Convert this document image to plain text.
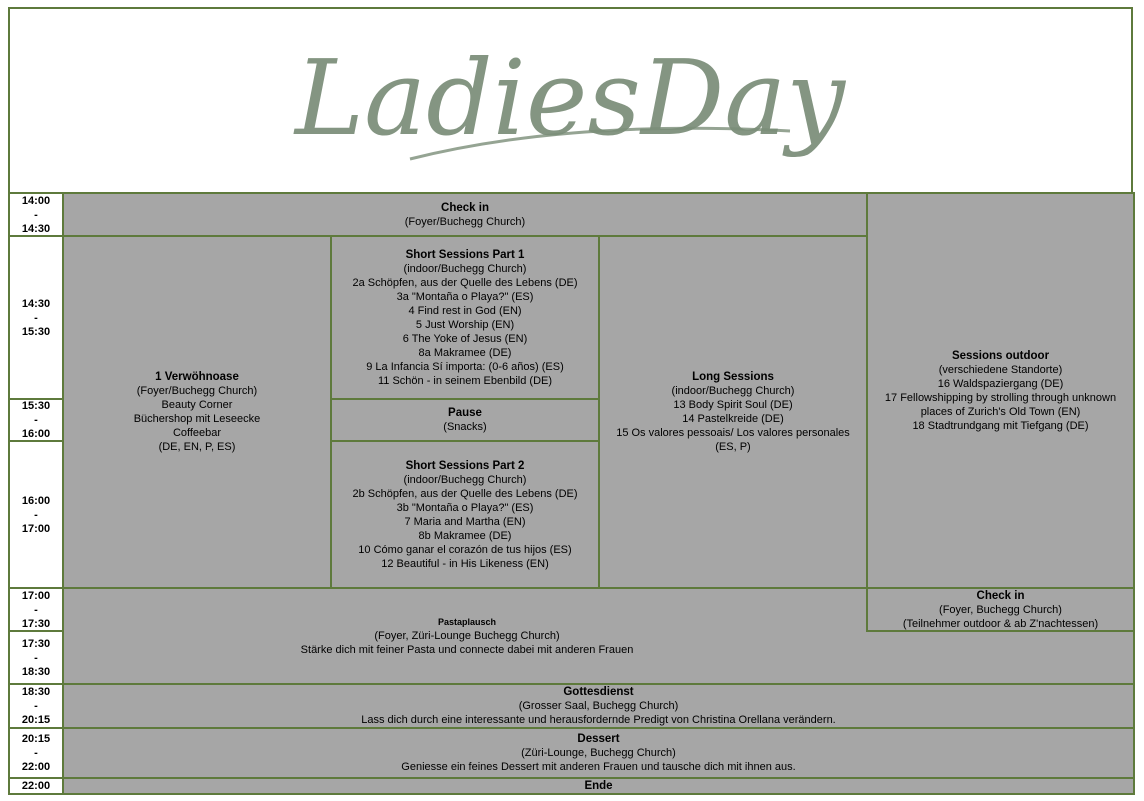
LadiesDay
14:00
-
14:30
14:30
-
15:30
15:30
-
16:00
16:00
-
17:00
17:00
-
17:30
17:30
-
18:30
18:30
-
20:15
20:15
-
22:00
22:00
Check in
(Foyer/Buchegg Church)
1 Verwöhnoase
(Foyer/Buchegg Church)
Beauty Corner
Büchershop mit Leseecke
Coffeebar
(DE, EN, P, ES)
Short Sessions Part 1
(indoor/Buchegg Church)
2a Schöpfen, aus der Quelle des Lebens (DE)
3a "Montaña o Playa?" (ES)
4 Find rest in God (EN)
5 Just Worship (EN)
6 The Yoke of Jesus (EN)
8a Makramee (DE)
9 La Infancia Sí importa: (0-6 años) (ES)
11 Schön - in seinem Ebenbild (DE)
Pause
(Snacks)
Short Sessions Part 2
(indoor/Buchegg Church)
2b Schöpfen, aus der Quelle des Lebens (DE)
3b "Montaña o Playa?" (ES)
7 Maria and Martha (EN)
8b Makramee (DE)
10 Cómo ganar el corazón de tus hijos (ES)
12 Beautiful - in His Likeness (EN)
Long Sessions
(indoor/Buchegg Church)
13 Body Spirit Soul (DE)
14 Pastelkreide (DE)
15 Os valores pessoais/ Los valores personales
(ES, P)
Sessions outdoor
(verschiedene Standorte)
16 Waldspaziergang (DE)
17 Fellowshipping by strolling through unknown
places of Zurich's Old Town (EN)
18 Stadtrundgang mit Tiefgang (DE)
Pastaplausch
(Foyer, Züri-Lounge Buchegg Church)
Stärke dich mit feiner Pasta und connecte dabei mit anderen Frauen
Check in
(Foyer, Buchegg Church)
(Teilnehmer outdoor & ab Z'nachtessen)
Gottesdienst
(Grosser Saal, Buchegg Church)
Lass dich durch eine interessante und herausfordernde Predigt von Christina Orellana verändern.
Dessert
(Züri-Lounge, Buchegg Church)
Geniesse ein feines Dessert mit anderen Frauen und tausche dich mit ihnen aus.
Ende
